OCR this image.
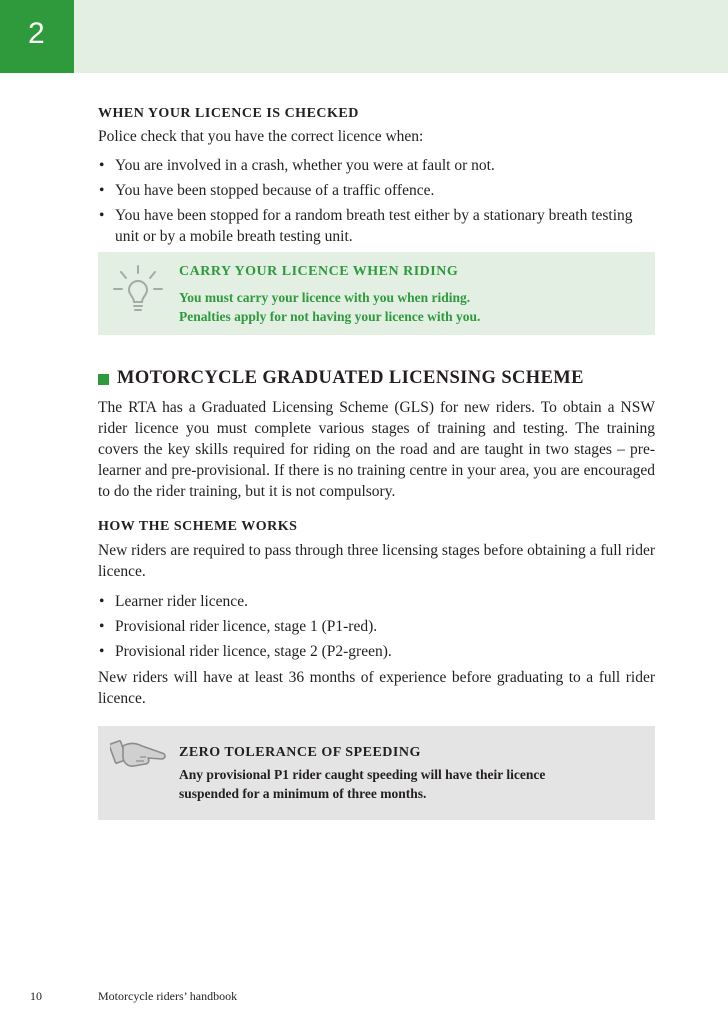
2
WHEN YOUR LICENCE IS CHECKED
Police check that you have the correct licence when:
• You are involved in a crash, whether you were at fault or not.
• You have been stopped because of a traffic offence.
• You have been stopped for a random breath test either by a stationary breath testing unit or by a mobile breath testing unit.
CARRY YOUR LICENCE WHEN RIDING
You must carry your licence with you when riding.
Penalties apply for not having your licence with you.
MOTORCYCLE GRADUATED LICENSING SCHEME
The RTA has a Graduated Licensing Scheme (GLS) for new riders. To obtain a NSW rider licence you must complete various stages of training and testing. The training covers the key skills required for riding on the road and are taught in two stages – pre-learner and pre-provisional. If there is no training centre in your area, you are encouraged to do the rider training, but it is not compulsory.
HOW THE SCHEME WORKS
New riders are required to pass through three licensing stages before obtaining a full rider licence.
• Learner rider licence.
• Provisional rider licence, stage 1 (P1-red).
• Provisional rider licence, stage 2 (P2-green).
New riders will have at least 36 months of experience before graduating to a full rider licence.
ZERO TOLERANCE OF SPEEDING
Any provisional P1 rider caught speeding will have their licence
suspended for a minimum of three months.
10	Motorcycle riders’ handbook
